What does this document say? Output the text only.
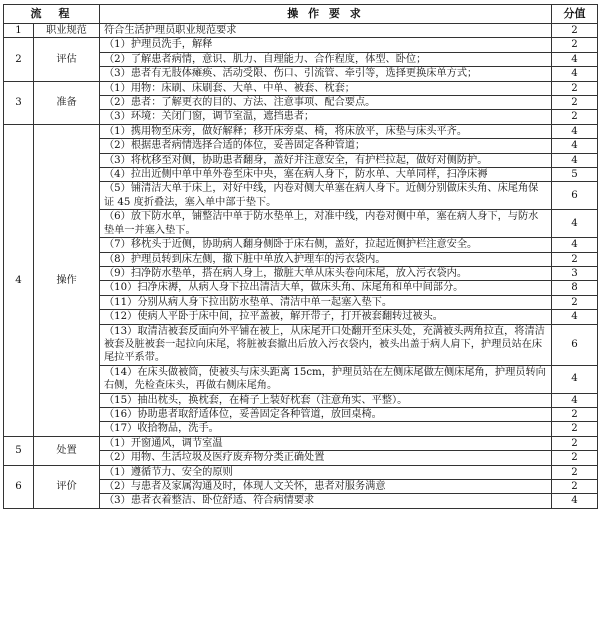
流　程		操 作 要 求	分值
1	职业规范	符合生活护理员职业规范要求	2
2	评估	（1）护理员洗手，解释	2
		（2）了解患者病情，意识、肌力、自理能力、合作程度，体型、卧位；	4
		（3）患者有无肢体瘫痪、活动受限、伤口、引流管、牵引等，选择更换床单方式；	4
3	准备	（1）用物：床刷、床刷套、大单、中单、被套、枕套；	2
		（2）患者：了解更衣的目的、方法、注意事项、配合要点。	2
		（3）环境：关闭门窗，调节室温，遮挡患者；	2
4	操作	（1）携用物至床旁，做好解释；移开床旁桌、椅，将床放平，床垫与床头平齐。	4
		（2）根据患者病情选择合适的体位，妥善固定各种管道；	4
		（3）将枕移至对侧，协助患者翻身，盖好并注意安全，有护栏拉起，做好对侧防护。	4
		（4）拉出近侧中单中单外卷至床中央，塞在病人身下，防水单、大单同样，扫净床褥	5
		（5）铺清洁大单于床上，对好中线，内卷对侧大单塞在病人身下。近侧分别做床头角、床尾角保证 45 度折叠法，塞入单中部于垫下。	6
		（6）放下防水单，铺整洁中单于防水垫单上，对准中线，内卷对侧中单，塞在病人身下，与防水垫单一并塞入垫下。	4
		（7）移枕头于近侧，协助病人翻身侧卧于床右侧，盖好，拉起近侧护栏注意安全。	4
		（8）护理员转到床左侧，撤下脏中单放入护理车的污衣袋内。	2
		（9）扫净防水垫单，搭在病人身上，撤脏大单从床头卷向床尾，放入污衣袋内。	3
		（10）扫净床褥，从病人身下拉出清洁大单，做床头角、床尾角和单中间部分。	8
		（11）分别从病人身下拉出防水垫单、清洁中单一起塞入垫下。	2
		（12）使病人平卧于床中间，拉平盖被，解开带子，打开被套翻转过被头。	4
		（13）取清洁被套反面向外平铺在被上，从床尾开口处翻开至床头处，充满被头两角拉直，将清洁被套及脏被套一起拉向床尾，将脏被套撤出后放入污衣袋内，被头出盖于病人肩下，护理员站在床尾拉平系带。	6
		（14）在床头做被筒，使被头与床头距离 15cm，护理员站在左侧床尾做左侧床尾角，护理员转向右侧，先检查床头，再做右侧床尾角。	4
		（15）抽出枕头，换枕套，在椅子上装好枕套（注意角实、平整）。	4
		（16）协助患者取舒适体位，妥善固定各种管道，放回桌椅。	2
		（17）收拾物品，洗手。	2
5	处置	（1）开窗通风，调节室温	2
		（2）用物、生活垃圾及医疗废弃物分类正确处置	2
6	评价	（1）遵循节力、安全的原则	2
		（2）与患者及家属沟通及时，体现人文关怀，患者对服务满意	2
		（3）患者衣着整洁、卧位舒适、符合病情要求	4
